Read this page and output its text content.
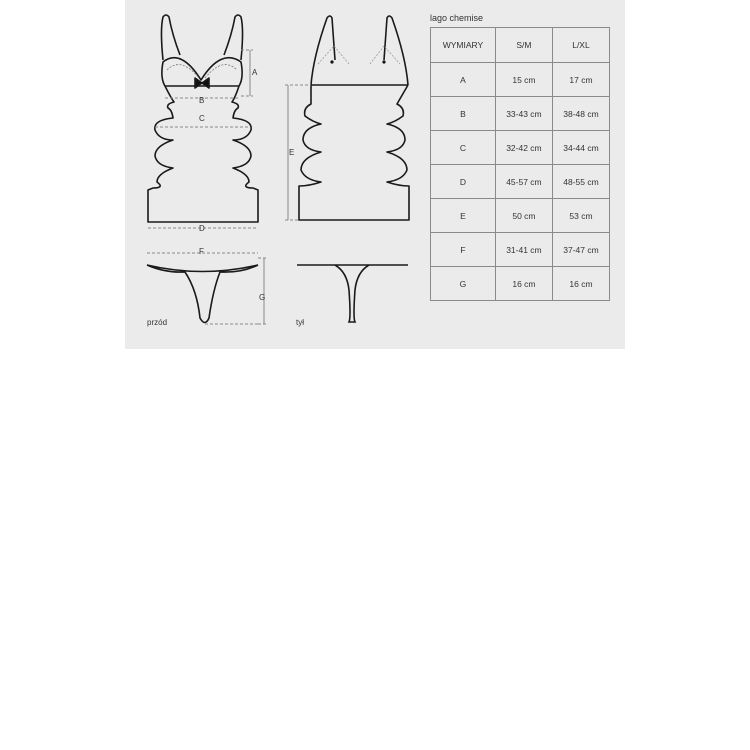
A
B
C
D
E
F
G
przód	tył
lago chemise
WYMIARY	S/M	L/XL
A	15 cm	17 cm
B	33-43 cm	38-48 cm
C	32-42 cm	34-44 cm
D	45-57 cm	48-55 cm
E	50 cm	53 cm
F	31-41 cm	37-47 cm
G	16 cm	16 cm
